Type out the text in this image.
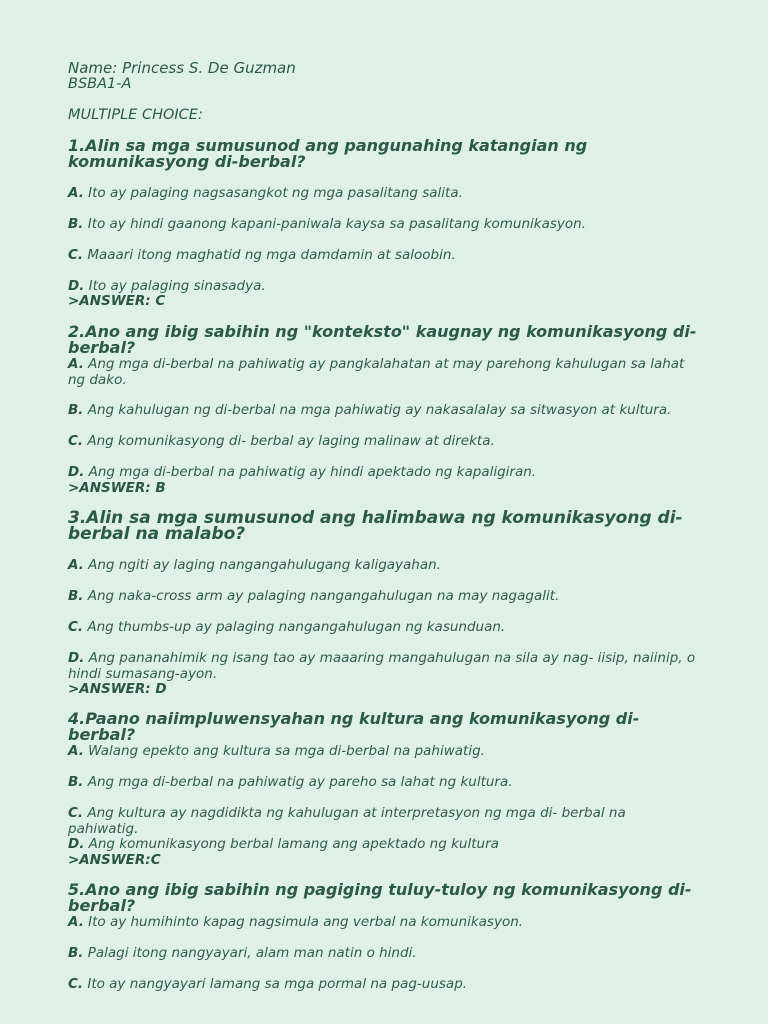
Name: Princess S. De Guzman
BSBA1-A
MULTIPLE CHOICE:
1.Alin sa mga sumusunod ang pangunahing katangian ng komunikasyong di-berbal?
A. Ito ay palaging nagsasangkot ng mga pasalitang salita.
B. Ito ay hindi gaanong kapani-paniwala kaysa sa pasalitang komunikasyon.
C. Maaari itong maghatid ng mga damdamin at saloobin.
D. Ito ay palaging sinasadya.
>ANSWER: C
2.Ano ang ibig sabihin ng "konteksto" kaugnay ng komunikasyong di-berbal?
A. Ang mga di-berbal na pahiwatig ay pangkalahatan at may parehong kahulugan sa lahat ng dako.
B. Ang kahulugan ng di-berbal na mga pahiwatig ay nakasalalay sa sitwasyon at kultura.
C. Ang komunikasyong di- berbal ay laging malinaw at direkta.
D. Ang mga di-berbal na pahiwatig ay hindi apektado ng kapaligiran.
>ANSWER: B
3.Alin sa mga sumusunod ang halimbawa ng komunikasyong di-berbal na malabo?
A. Ang ngiti ay laging nangangahulugang kaligayahan.
B. Ang naka-cross arm ay palaging nangangahulugan na may nagagalit.
C. Ang thumbs-up ay palaging nangangahulugan ng kasunduan.
D. Ang pananahimik ng isang tao ay maaaring mangahulugan na sila ay nag- iisip, naiinip, o hindi sumasang-ayon.
>ANSWER: D
4.Paano naiimpluwensyahan ng kultura ang komunikasyong di-berbal?
A. Walang epekto ang kultura sa mga di-berbal na pahiwatig.
B. Ang mga di-berbal na pahiwatig ay pareho sa lahat ng kultura.
C. Ang kultura ay nagdidikta ng kahulugan at interpretasyon ng mga di- berbal na pahiwatig.
D. Ang komunikasyong berbal lamang ang apektado ng kultura
>ANSWER:C
5.Ano ang ibig sabihin ng pagiging tuluy-tuloy ng komunikasyong di-berbal?
A. Ito ay humihinto kapag nagsimula ang verbal na komunikasyon.
B. Palagi itong nangyayari, alam man natin o hindi.
C. Ito ay nangyayari lamang sa mga pormal na pag-uusap.
